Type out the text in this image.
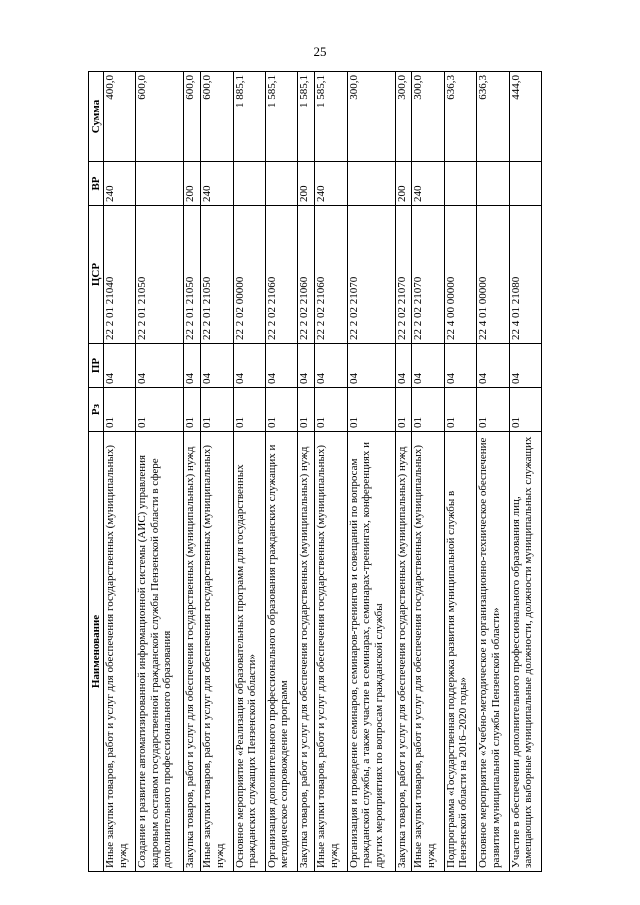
25
Наименование	Рз	ПР	ЦСР	ВР	Сумма
Иные закупки товаров, работ и услуг для обеспечения государственных (муниципальных) нужд	01	04	22 2 01 21040	240	400,0
Создание и развитие автоматизированной информационной системы (АИС) управления кадровым составом государственной гражданской службы Пензенской области в сфере дополнительного профессионального образования	01	04	22 2 01 21050		600,0
Закупка товаров, работ и услуг для обеспечения государственных (муниципальных) нужд	01	04	22 2 01 21050	200	600,0
Иные закупки товаров, работ и услуг для обеспечения государственных (муниципальных) нужд	01	04	22 2 01 21050	240	600,0
Основное мероприятие «Реализация образовательных программ для государственных гражданских служащих Пензенской области»	01	04	22 2 02 00000		1 885,1
Организация дополнительного профессионального образования гражданских служащих и методическое сопровождение программ	01	04	22 2 02 21060		1 585,1
Закупка товаров, работ и услуг для обеспечения государственных (муниципальных) нужд	01	04	22 2 02 21060	200	1 585,1
Иные закупки товаров, работ и услуг для обеспечения государственных (муниципальных) нужд	01	04	22 2 02 21060	240	1 585,1
Организация и проведение семинаров, семинаров-тренингов и совещаний по вопросам гражданской службы, а также участие в семинарах, семинарах-тренингах, конференциях и других мероприятиях по вопросам гражданской службы	01	04	22 2 02 21070		300,0
Закупка товаров, работ и услуг для обеспечения государственных (муниципальных) нужд	01	04	22 2 02 21070	200	300,0
Иные закупки товаров, работ и услуг для обеспечения государственных (муниципальных) нужд	01	04	22 2 02 21070	240	300,0
Подпрограмма «Государственная поддержка развития муниципальной службы в Пензенской области на 2016–2020 годы»	01	04	22 4 00 00000		636,3
Основное мероприятие «Учебно-методическое и организационно-техническое обеспечение развития муниципальной службы Пензенской области»	01	04	22 4 01 00000		636,3
Участие в обеспечении дополнительного профессионального образования лиц, замещающих выборные муниципальные должности, должности муниципальных служащих	01	04	22 4 01 21080		444,0
